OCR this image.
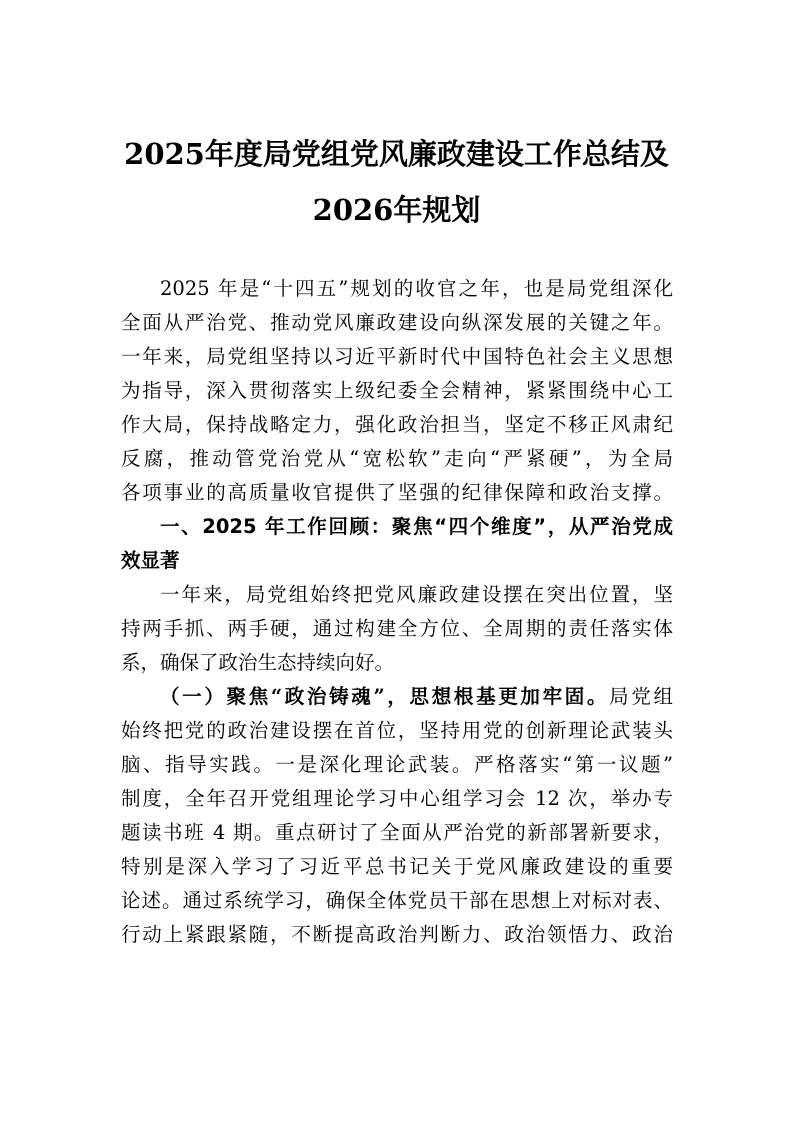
2025年度局党组党风廉政建设工作总结及
2026年规划
2025 年是“十四五”规划的收官之年，也是局党组深化
全面从严治党、推动党风廉政建设向纵深发展的关键之年。
一年来，局党组坚持以习近平新时代中国特色社会主义思想
为指导，深入贯彻落实上级纪委全会精神，紧紧围绕中心工
作大局，保持战略定力，强化政治担当，坚定不移正风肃纪
反腐，推动管党治党从“宽松软”走向“严紧硬”，为全局
各项事业的高质量收官提供了坚强的纪律保障和政治支撑。
一、2025 年工作回顾：聚焦“四个维度”，从严治党成
效显著
一年来，局党组始终把党风廉政建设摆在突出位置，坚
持两手抓、两手硬，通过构建全方位、全周期的责任落实体
系，确保了政治生态持续向好。
（一）聚焦“政治铸魂”，思想根基更加牢固。局党组
始终把党的政治建设摆在首位，坚持用党的创新理论武装头
脑、指导实践。一是深化理论武装。严格落实“第一议题”
制度，全年召开党组理论学习中心组学习会 12 次，举办专
题读书班 4 期。重点研讨了全面从严治党的新部署新要求，
特别是深入学习了习近平总书记关于党风廉政建设的重要
论述。通过系统学习，确保全体党员干部在思想上对标对表、
行动上紧跟紧随，不断提高政治判断力、政治领悟力、政治
